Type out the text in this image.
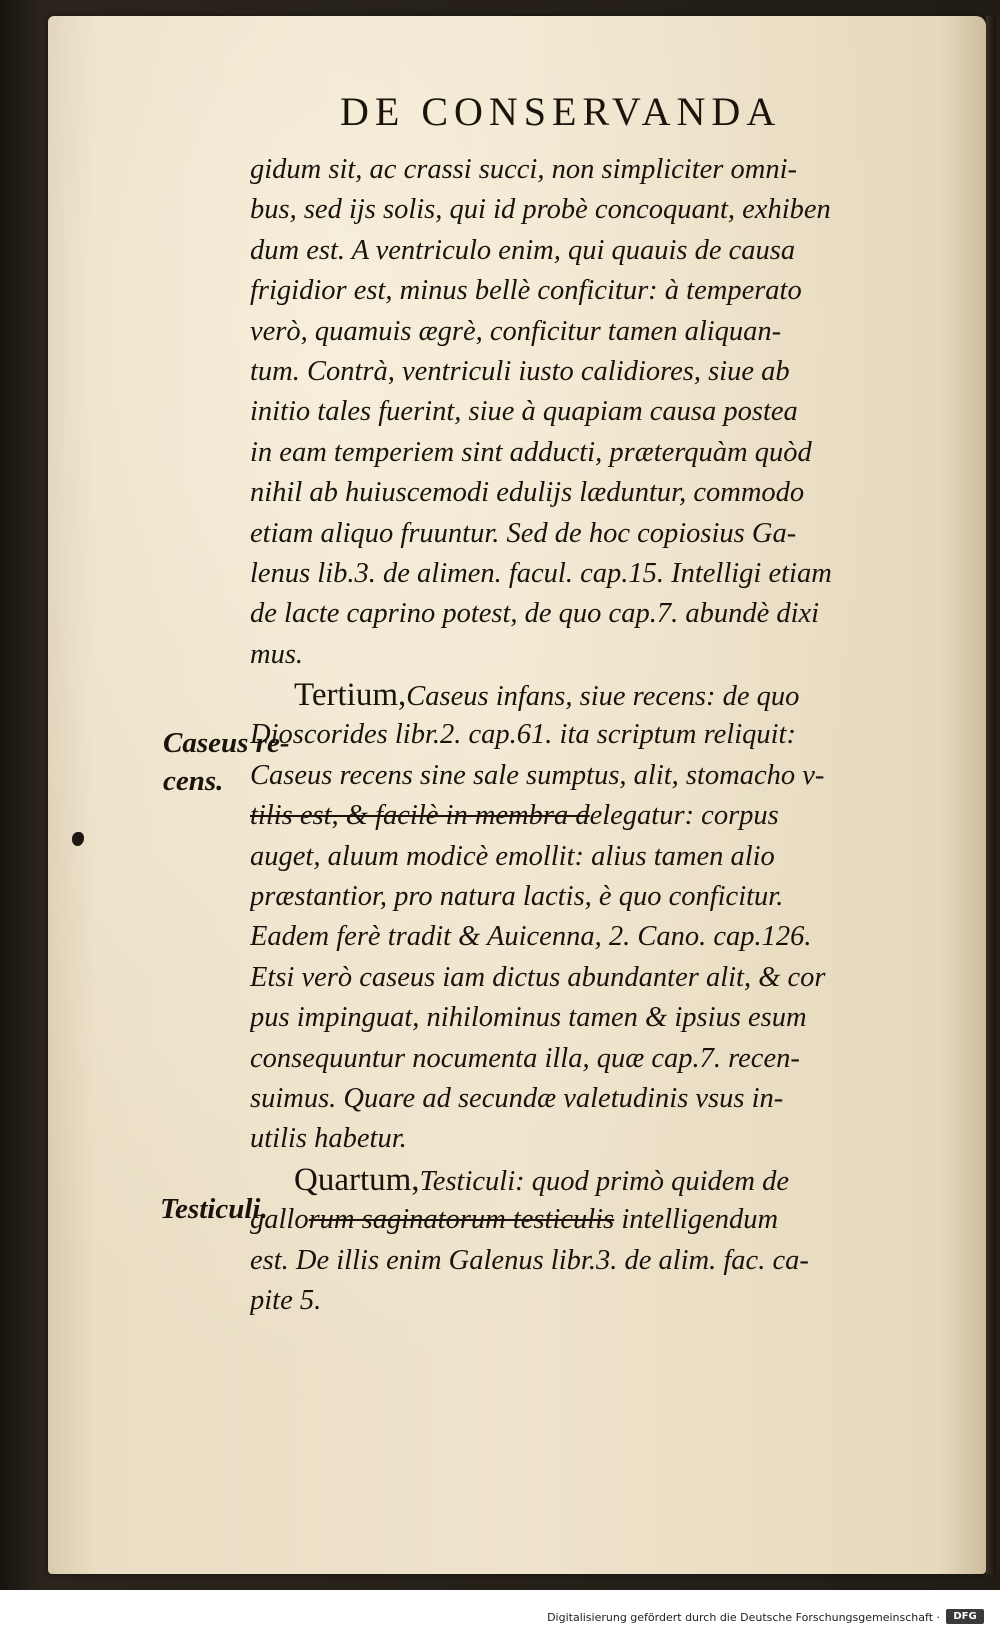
DE CONSERVANDA
gidum sit, ac crassi succi, non simpliciter omni-
bus, sed ijs solis, qui id probè concoquant, exhiben
dum est. A ventriculo enim, qui quauis de causa
frigidior est, minus bellè conficitur: à temperato
verò, quamuis ægrè, conficitur tamen aliquan-
tum. Contrà, ventriculi iusto calidiores, siue ab
initio tales fuerint, siue à quapiam causa postea
in eam temperiem sint adducti, præterquàm quòd
nihil ab huiuscemodi edulijs læduntur, commodo
etiam aliquo fruuntur. Sed de hoc copiosius Ga-
lenus lib.3. de alimen. facul. cap.15. Intelligi etiam
de lacte caprino potest, de quo cap.7. abundè dixi
mus.
Tertium,Caseus infans, siue recens: de quo
Dioscorides libr.2. cap.61. ita scriptum reliquit:
Caseus recens sine sale sumptus, alit, stomacho v-
tilis est, & facilè in membra delegatur: corpus
auget, aluum modicè emollit: alius tamen alio
præstantior, pro natura lactis, è quo conficitur.
Eadem ferè tradit & Auicenna, 2. Cano. cap.126.
Etsi verò caseus iam dictus abundanter alit, & cor
pus impinguat, nihilominus tamen & ipsius esum
consequuntur nocumenta illa, quæ cap.7. recen-
suimus. Quare ad secundæ valetudinis vsus in-
utilis habetur.
Quartum,Testiculi: quod primò quidem de
gallorum saginatorum testiculis intelligendum
est. De illis enim Galenus libr.3. de alim. fac. ca-
pite 5.
Caseus re-
cens.
Testiculi.
Digitalisierung gefördert durch die Deutsche Forschungsgemeinschaft ·	DFG
